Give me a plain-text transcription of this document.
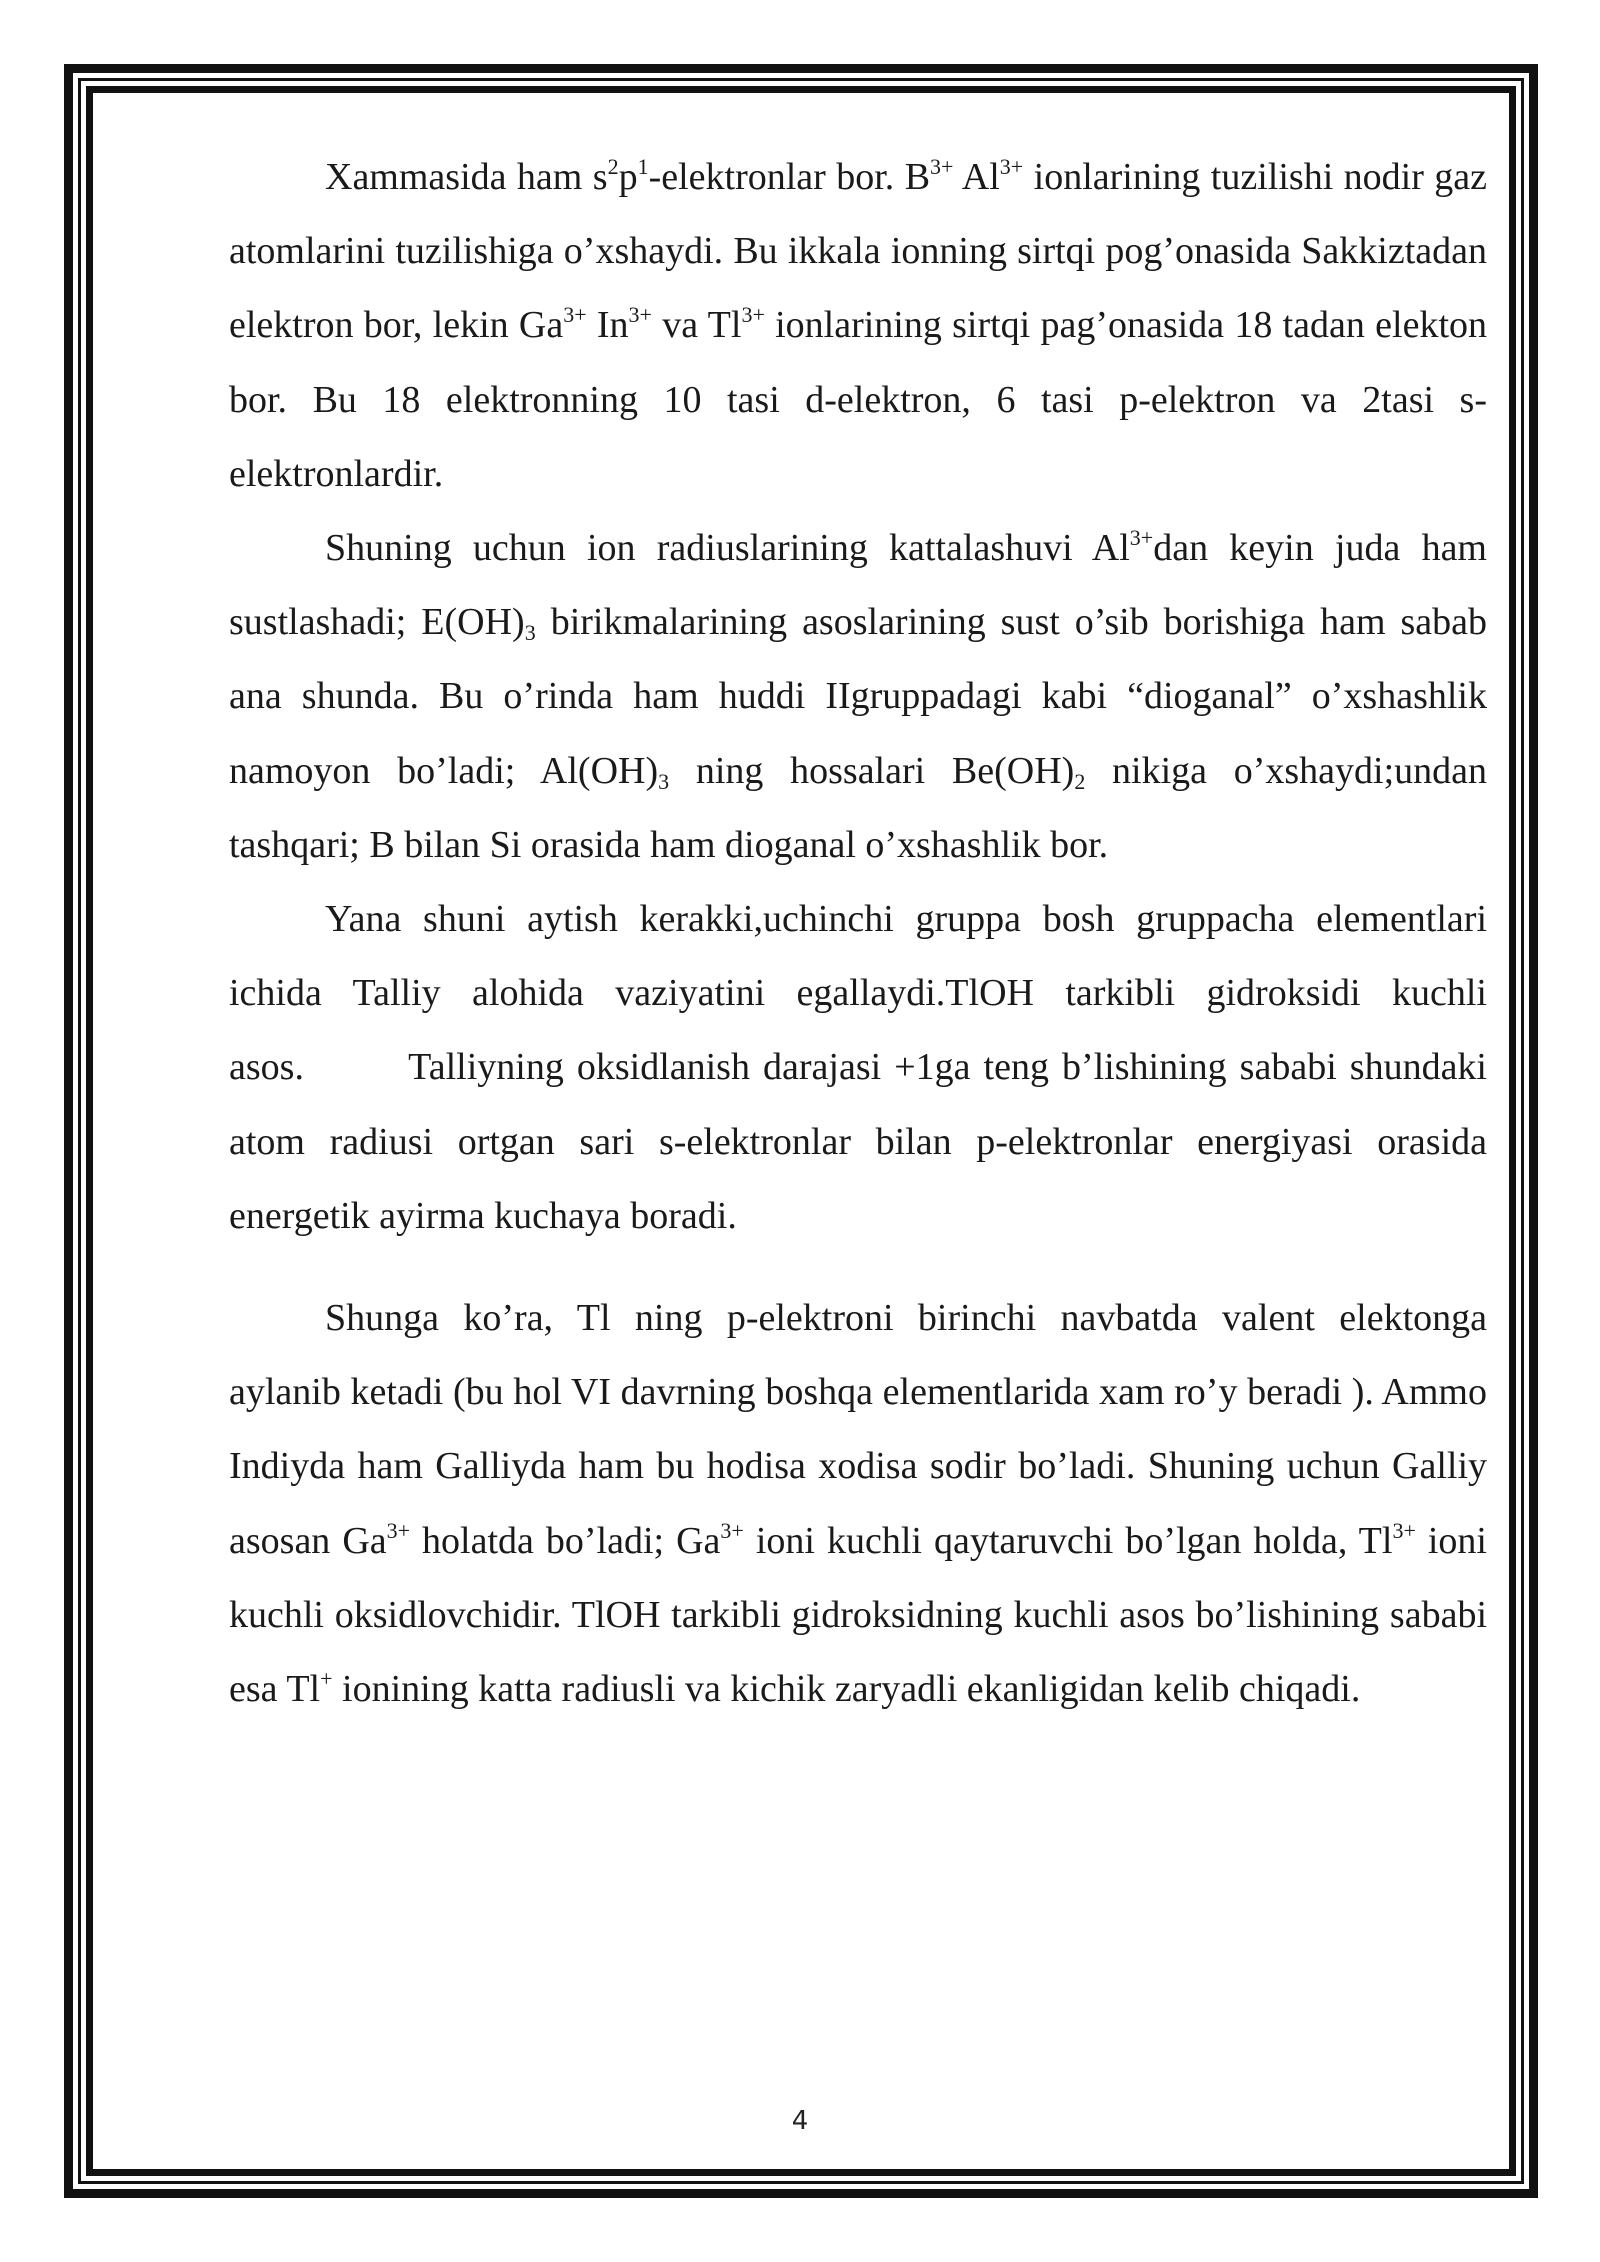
Xammasida ham $s^2p^1$-elektronlar bor. $B^{3+}$ $Al^{3+}$ ionlarining tuzilishi nodir gaz atomlarini tuzilishiga o’xshaydi. Bu ikkala ionning sirtqi pog’onasida Sakkiztadan elektron bor, lekin $Ga^{3+}$ $In^{3+}$ va $Tl^{3+}$ ionlarining sirtqi pag’onasida 18 tadan elekton bor. Bu 18 elektronning 10 tasi d-elektron, 6 tasi p-elektron va 2tasi s-elektronlardir.

Shuning uchun ion radiuslarining kattalashuvi $Al^{3+}dan$ keyin juda ham sustlashadi; $E(OH)_3$ birikmalarining asoslarining sust o’sib borishiga ham sabab ana shunda. Bu o’rinda ham huddi IIgruppadagi kabi “dioganal” o’xshashlik namoyon bo’ladi; $Al(OH)_3$ ning hossalari $Be(OH)_2$ nikiga o’xshaydi;undan tashqari; B bilan Si orasida ham dioganal o’xshashlik bor.

Yana shuni aytish kerakki,uchinchi gruppa bosh gruppacha elementlari ichida Talliy alohida vaziyatini egallaydi.TlOH tarkibli gidroksidi kuchli asos.        Talliyning oksidlanish darajasi +1ga teng b’lishining sababi shundaki atom radiusi ortgan sari s-elektronlar bilan p-elektronlar energiyasi orasida energetik ayirma kuchaya boradi.

Shunga ko’ra, Tl ning p-elektroni birinchi navbatda valent elektonga aylanib ketadi (bu hol VI davrning boshqa elementlarida xam ro’y beradi ). Ammo Indiyda ham Galliyda ham bu hodisa xodisa sodir bo’ladi. Shuning uchun Galliy asosan $Ga^{3+}$ holatda bo’ladi; $Ga^{3+}$ ioni kuchli qaytaruvchi bo’lgan holda, $Tl^{3+}$ ioni kuchli oksidlovchidir. TlOH tarkibli gidroksidning kuchli asos bo’lishining sababi esa Tl+ ionining katta radiusli va kichik zaryadli ekanligidan kelib chiqadi.

4
